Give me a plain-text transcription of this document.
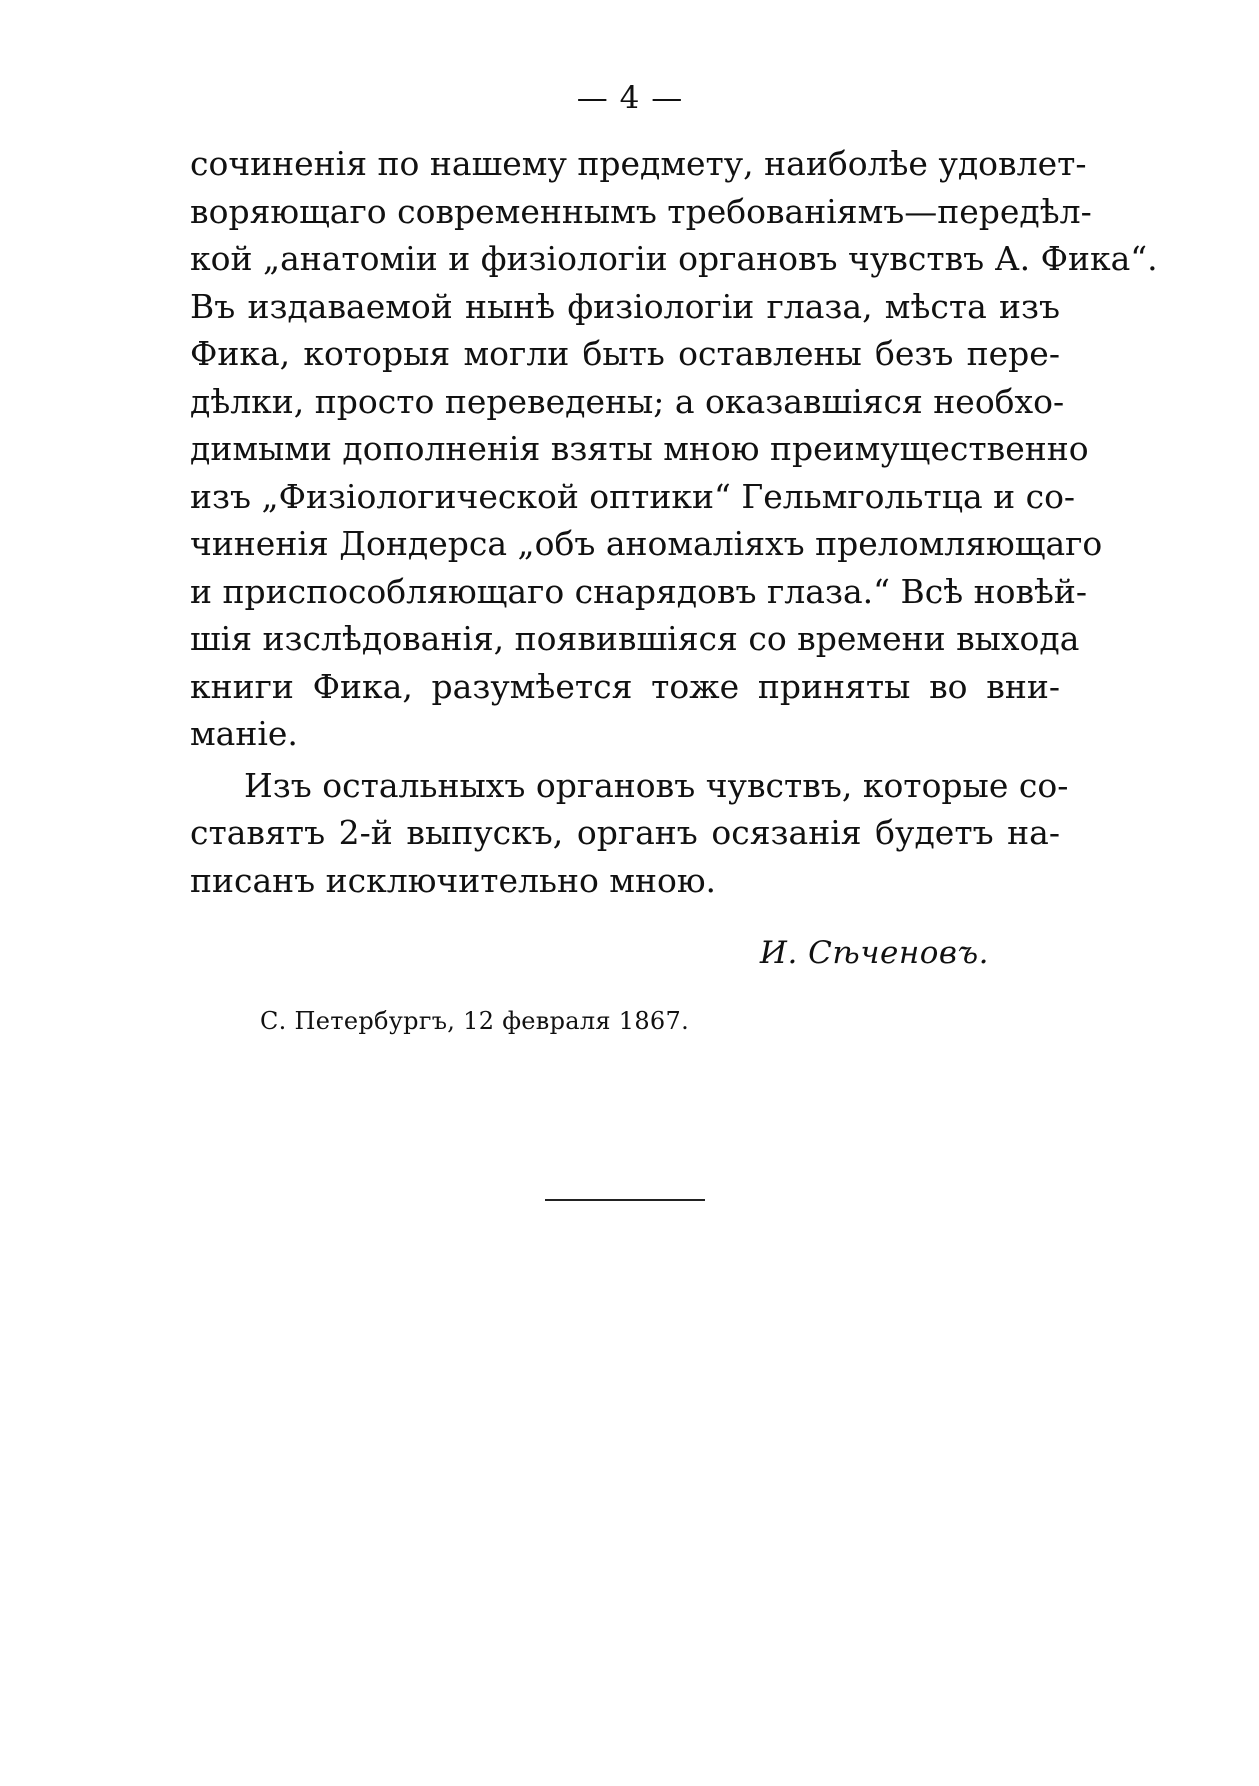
— 4 —
сочиненія по нашему предмету, наиболѣе удовлет-
воряющаго современнымъ требованіямъ—передѣл-
кой „анатоміи и физіологіи органовъ чувствъ А. Фика“.
Въ издаваемой нынѣ физіологіи глаза, мѣста изъ
Фика, которыя могли быть оставлены безъ пере-
дѣлки, просто переведены; а оказавшіяся необхо-
димыми дополненія взяты мною преимущественно
изъ „Физіологической оптики“ Гельмгольтца и со-
чиненія Дондерса „объ аномаліяхъ преломляющаго
и приспособляющаго снарядовъ глаза.“ Всѣ новѣй-
шія изслѣдованія, появившіяся со времени выхода
книги Фика, разумѣется тоже приняты во вни-
маніе.
Изъ остальныхъ органовъ чувствъ, которые со-
ставятъ 2-й выпускъ, органъ осязанія будетъ на-
писанъ исключительно мною.
И. Сѣченовъ.
С. Петербургъ, 12 февраля 1867.
